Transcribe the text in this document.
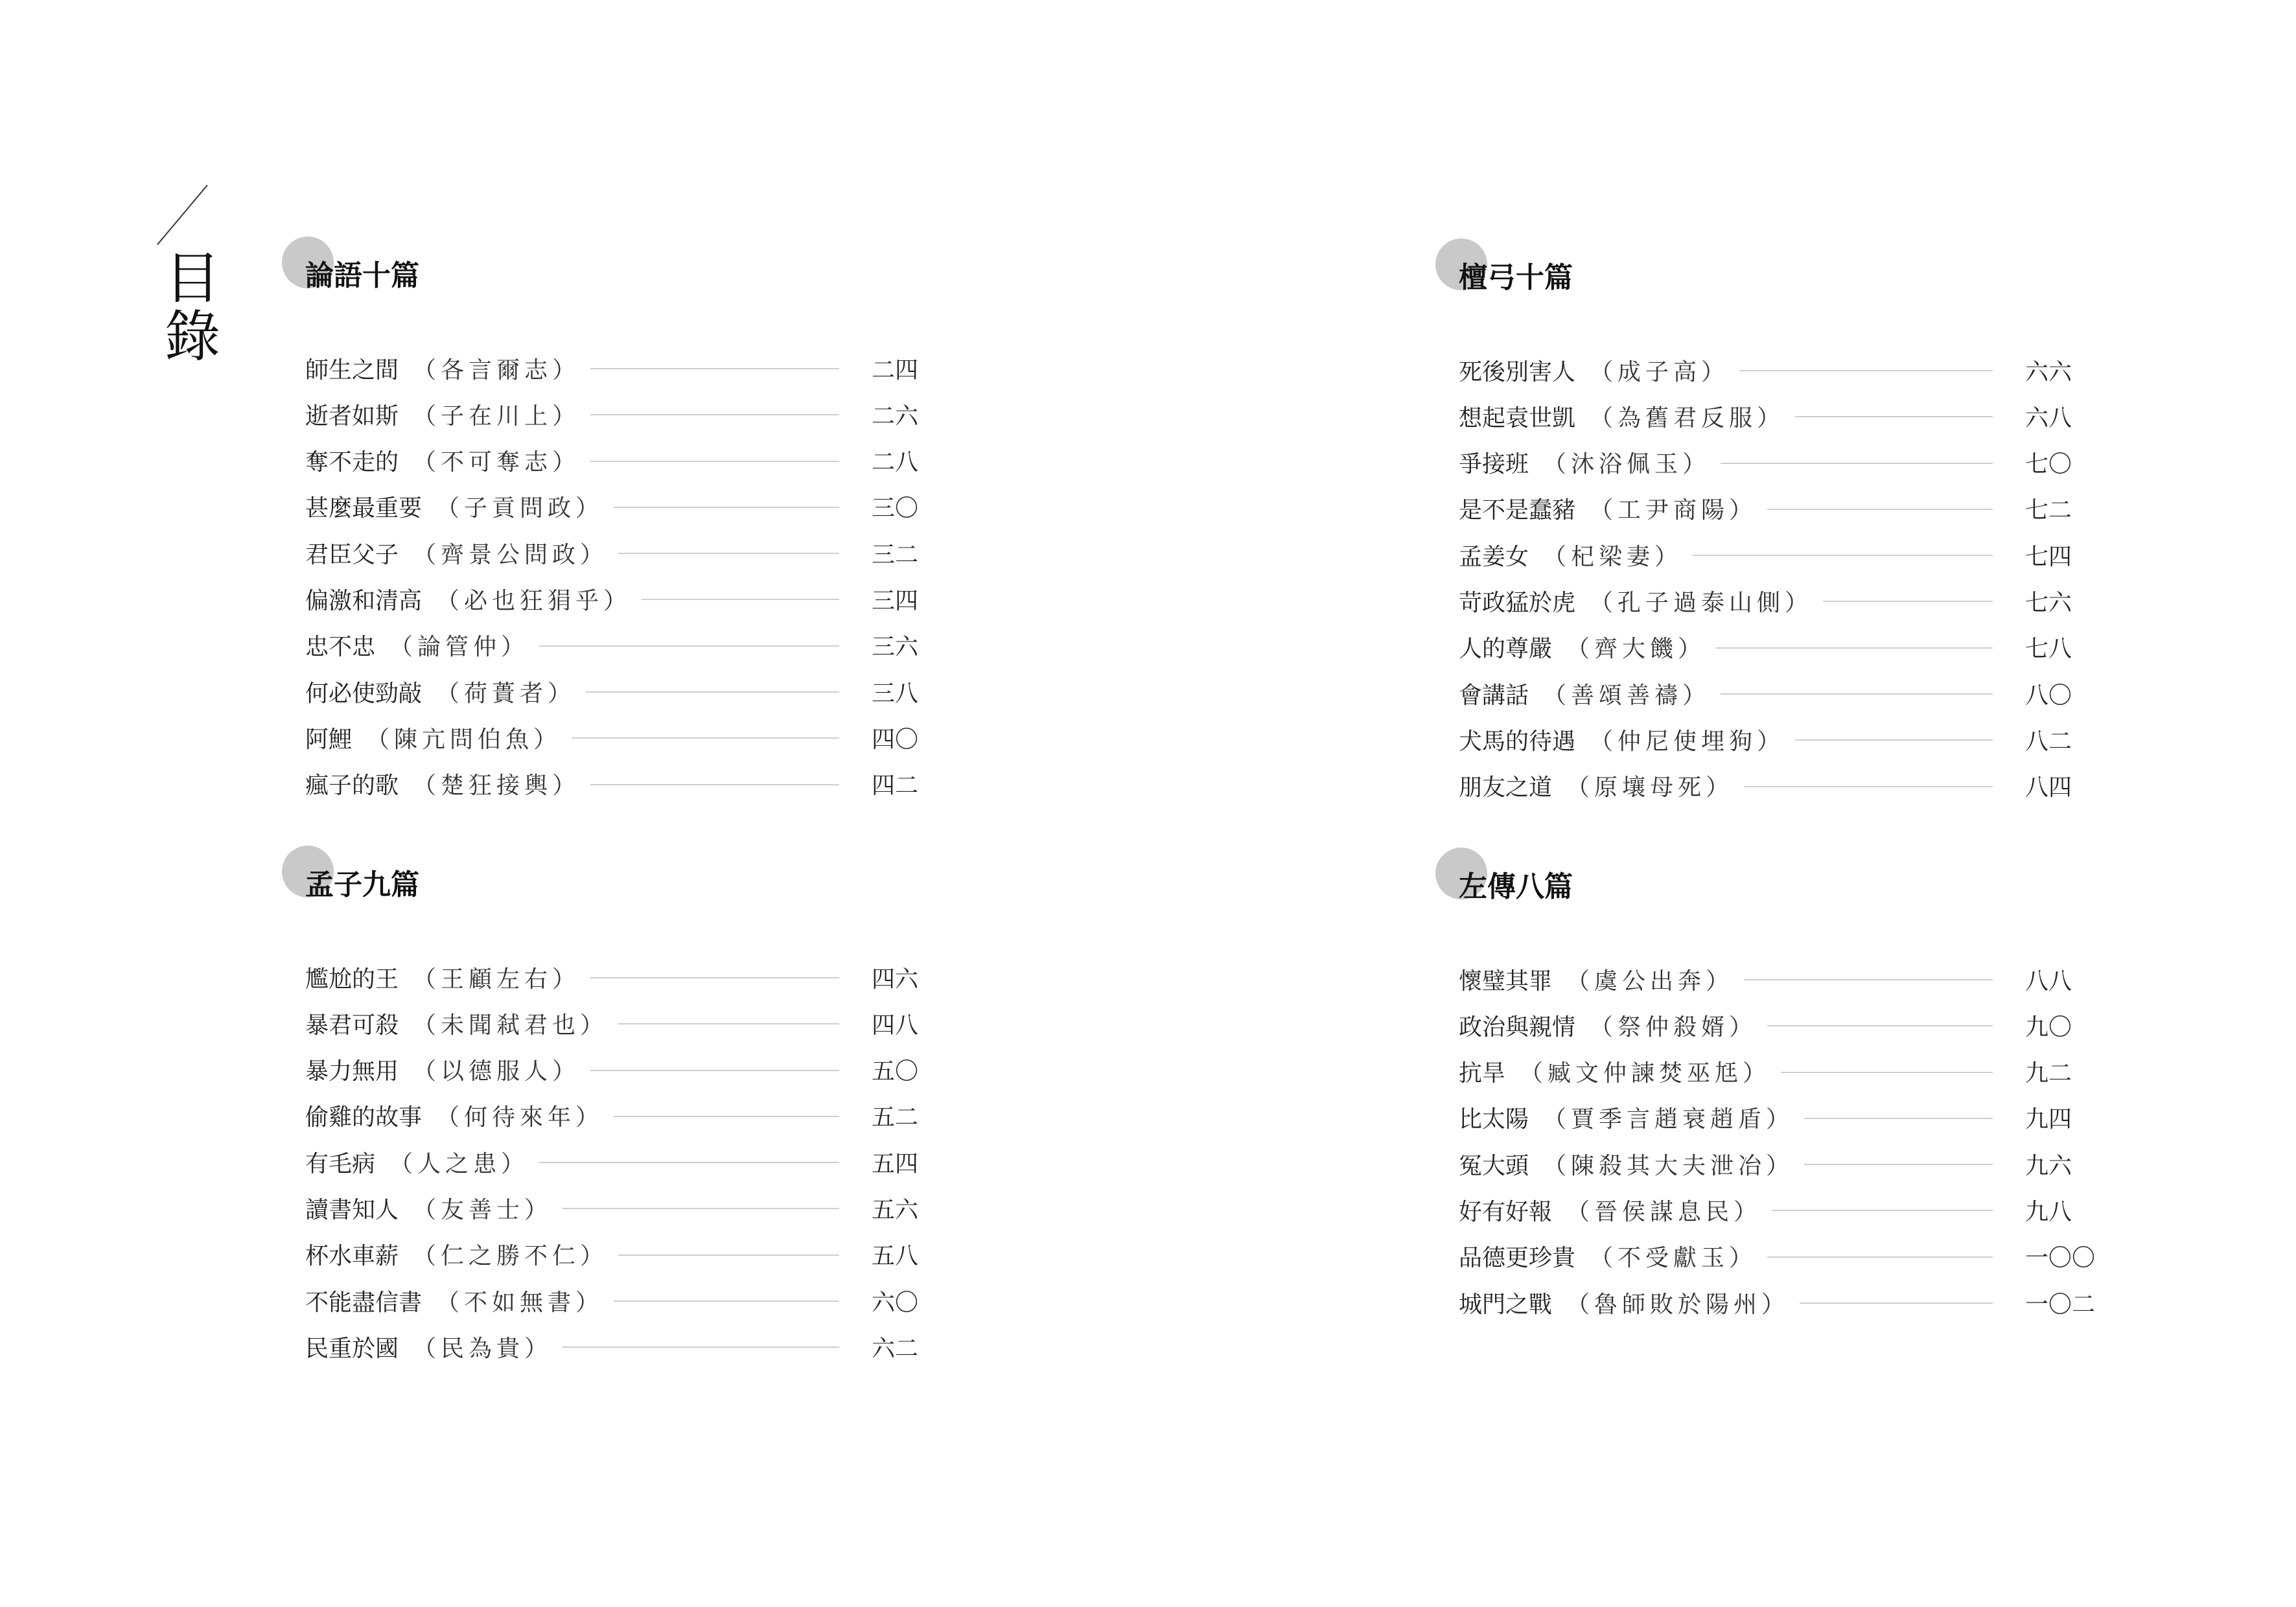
目錄
論語十篇
師生之間 （各言爾志）	二四
逝者如斯 （子在川上）	二六
奪不走的 （不可奪志）	二八
甚麼最重要 （子貢問政）	三〇
君臣父子 （齊景公問政）	三二
偏激和清高 （必也狂狷乎）	三四
忠不忠 （論管仲）	三六
何必使勁敲 （荷蕢者）	三八
阿鯉 （陳亢問伯魚）	四〇
瘋子的歌 （楚狂接輿）	四二
孟子九篇
尷尬的王 （王顧左右）	四六
暴君可殺 （未聞弒君也）	四八
暴力無用 （以德服人）	五〇
偷雞的故事 （何待來年）	五二
有毛病 （人之患）	五四
讀書知人 （友善士）	五六
杯水車薪 （仁之勝不仁）	五八
不能盡信書 （不如無書）	六〇
民重於國 （民為貴）	六二
檀弓十篇
死後別害人 （成子高）	六六
想起袁世凱 （為舊君反服）	六八
爭接班 （沐浴佩玉）	七〇
是不是蠢豬 （工尹商陽）	七二
孟姜女 （杞梁妻）	七四
苛政猛於虎 （孔子過泰山側）	七六
人的尊嚴 （齊大饑）	七八
會講話 （善頌善禱）	八〇
犬馬的待遇 （仲尼使埋狗）	八二
朋友之道 （原壤母死）	八四
左傳八篇
懷璧其罪 （虞公出奔）	八八
政治與親情 （祭仲殺婿）	九〇
抗旱 （臧文仲諫焚巫尪）	九二
比太陽 （賈季言趙衰趙盾）	九四
冤大頭 （陳殺其大夫泄冶）	九六
好有好報 （晉侯謀息民）	九八
品德更珍貴 （不受獻玉）	一〇〇
城門之戰 （魯師敗於陽州）	一〇二
